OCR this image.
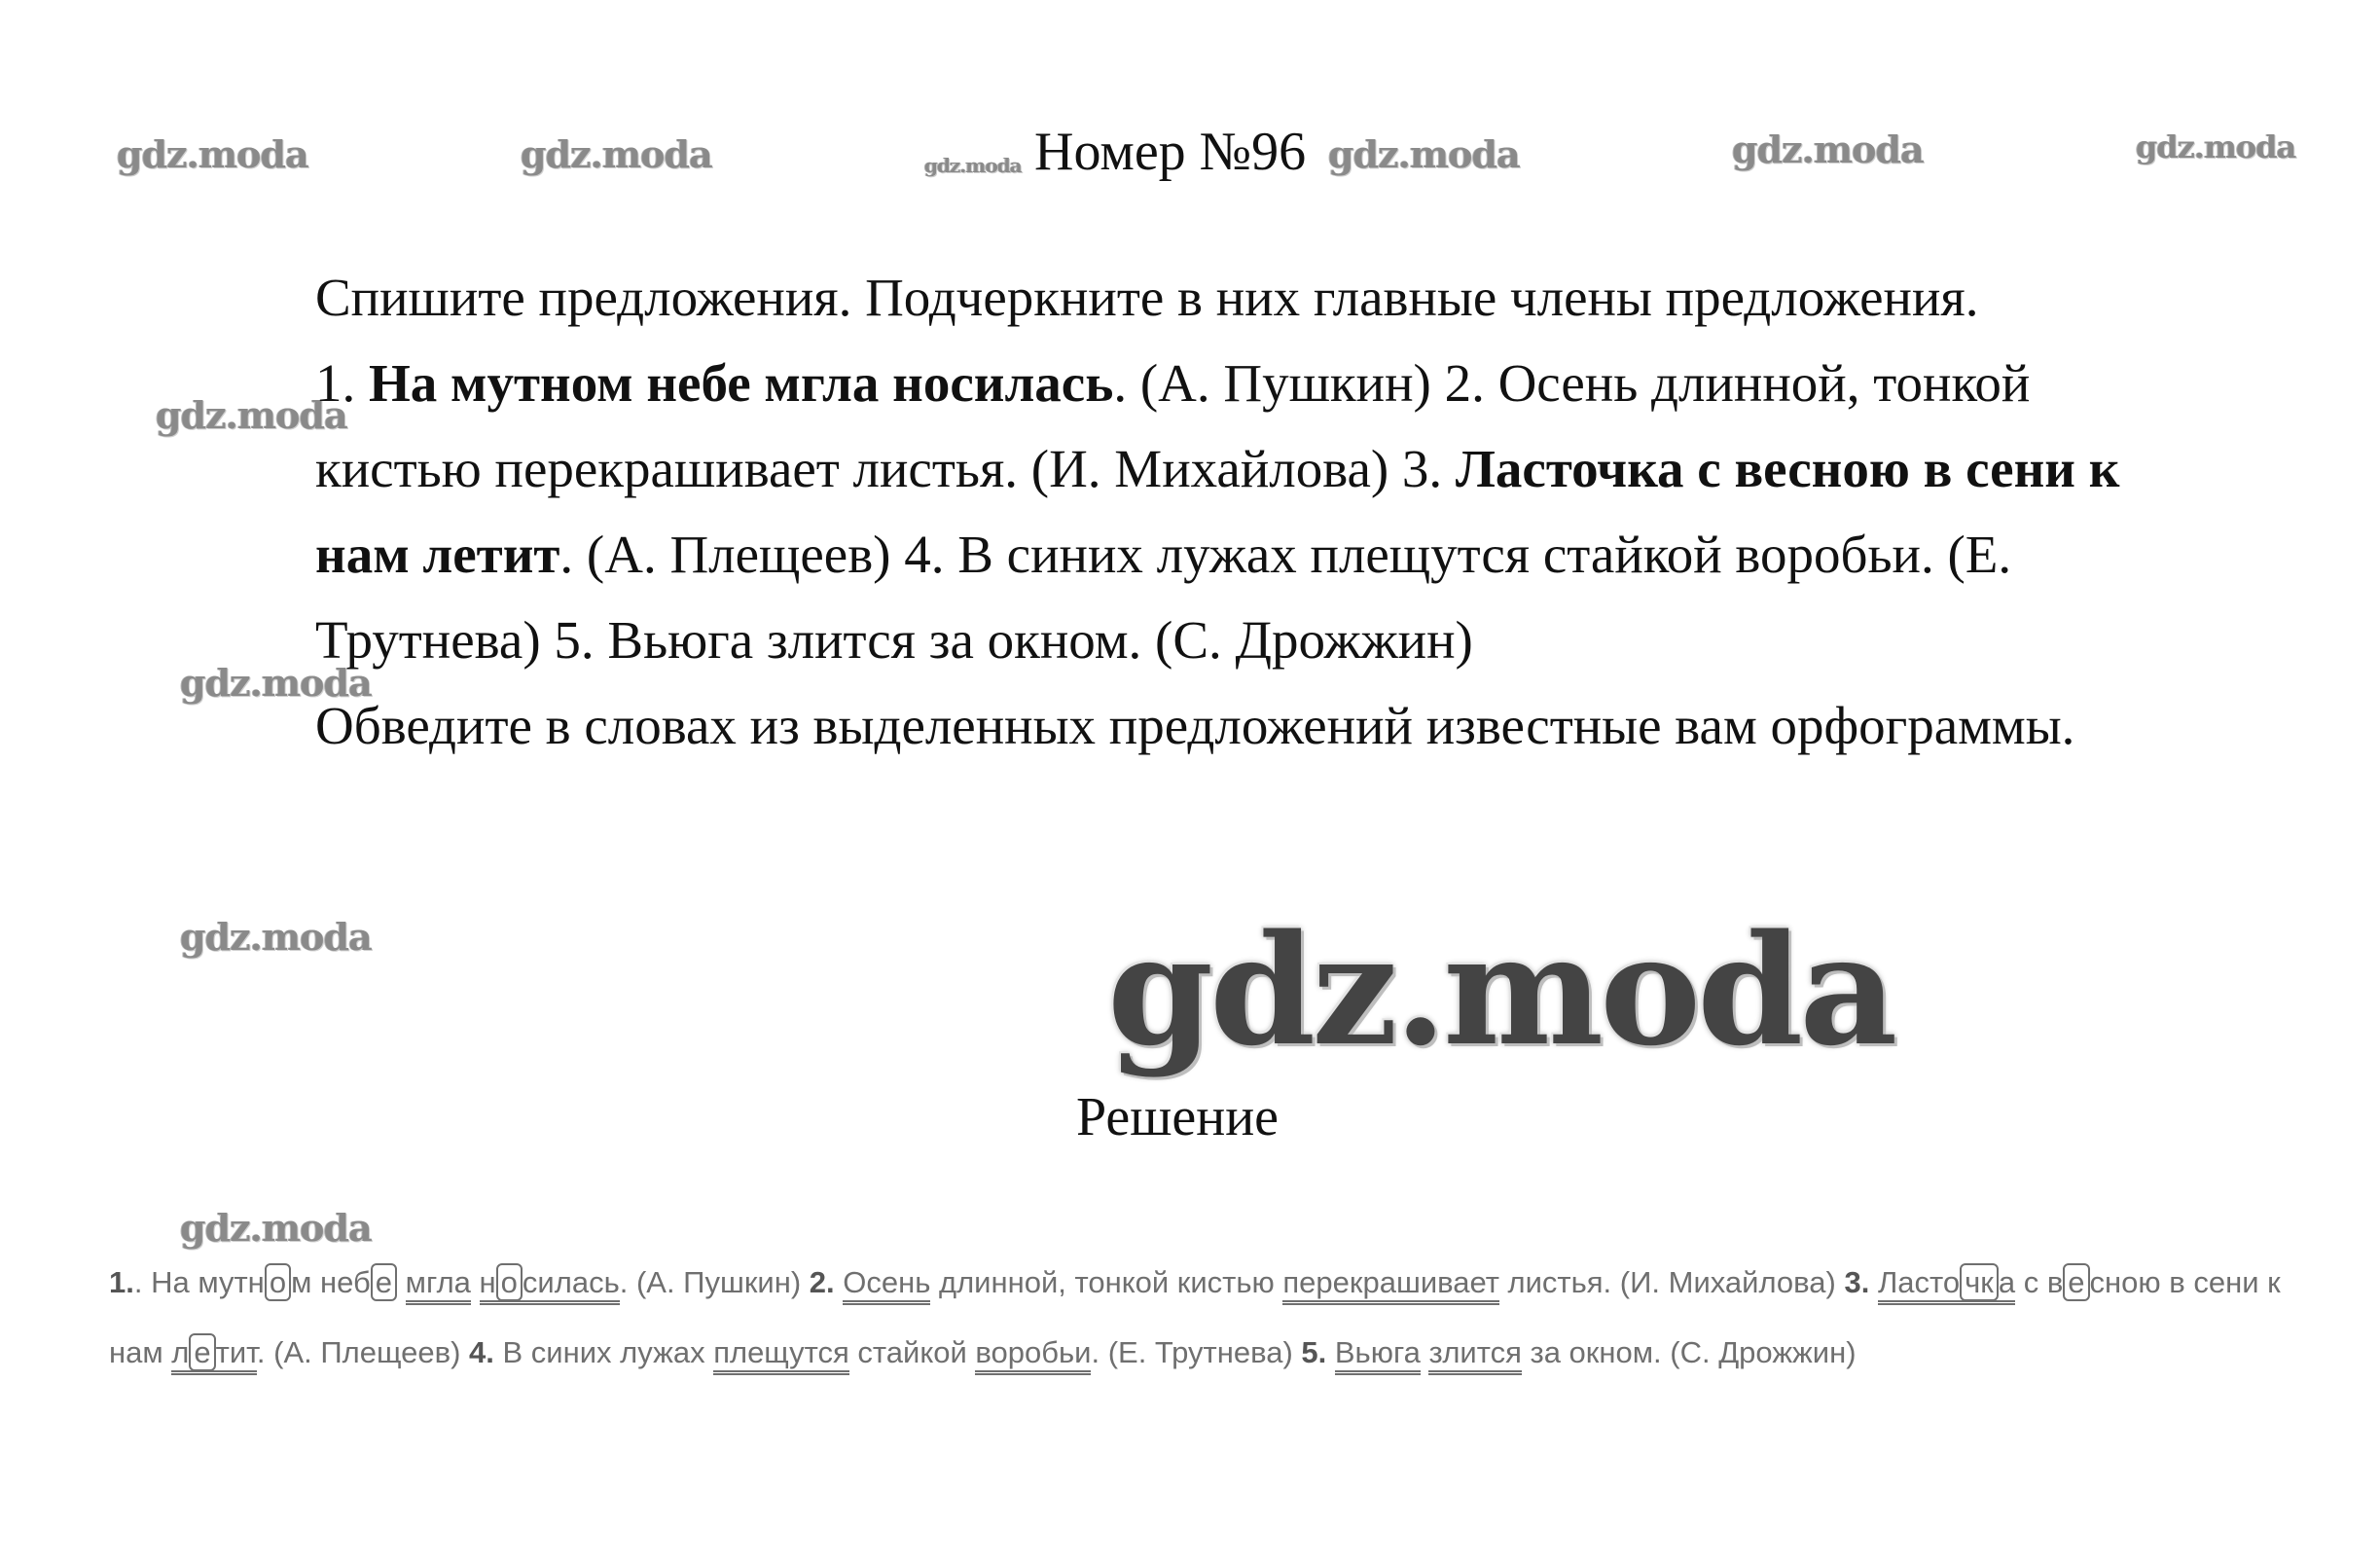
gdz.moda	gdz.moda	gdz.moda	gdz.moda	gdz.moda	gdz.moda
gdz.moda
gdz.moda
gdz.moda
gdz.moda
Номер №96

Спишите предложения. Подчеркните в них главные члены предложения.

1. На мутном небе мгла носилась. (А. Пушкин) 2. Осень длинной, тонкой кистью перекрашивает листья. (И. Михайлова) 3. Ласточка с весною в сени к нам летит. (А. Плещеев) 4. В синих лужах плещутся стайкой воробьи. (Е. Трутнева) 5. Вьюга злится за окном. (С. Дрожжин)

Обведите в словах из выделенных предложений известные вам орфограммы.

gdz.moda
Решение
1.. На мутн о м неб е мгла н о силась. (А. Пушкин) 2. Осень длинной, тонкой кистью перекрашивает листья. (И. Михайлова) 3. Ласто чк а с в е сною в сени к нам л е тит. (А. Плещеев) 4. В синих лужах плещутся стайкой воробьи. (Е. Трутнева) 5. Вьюга злится за окном. (С. Дрожжин)
